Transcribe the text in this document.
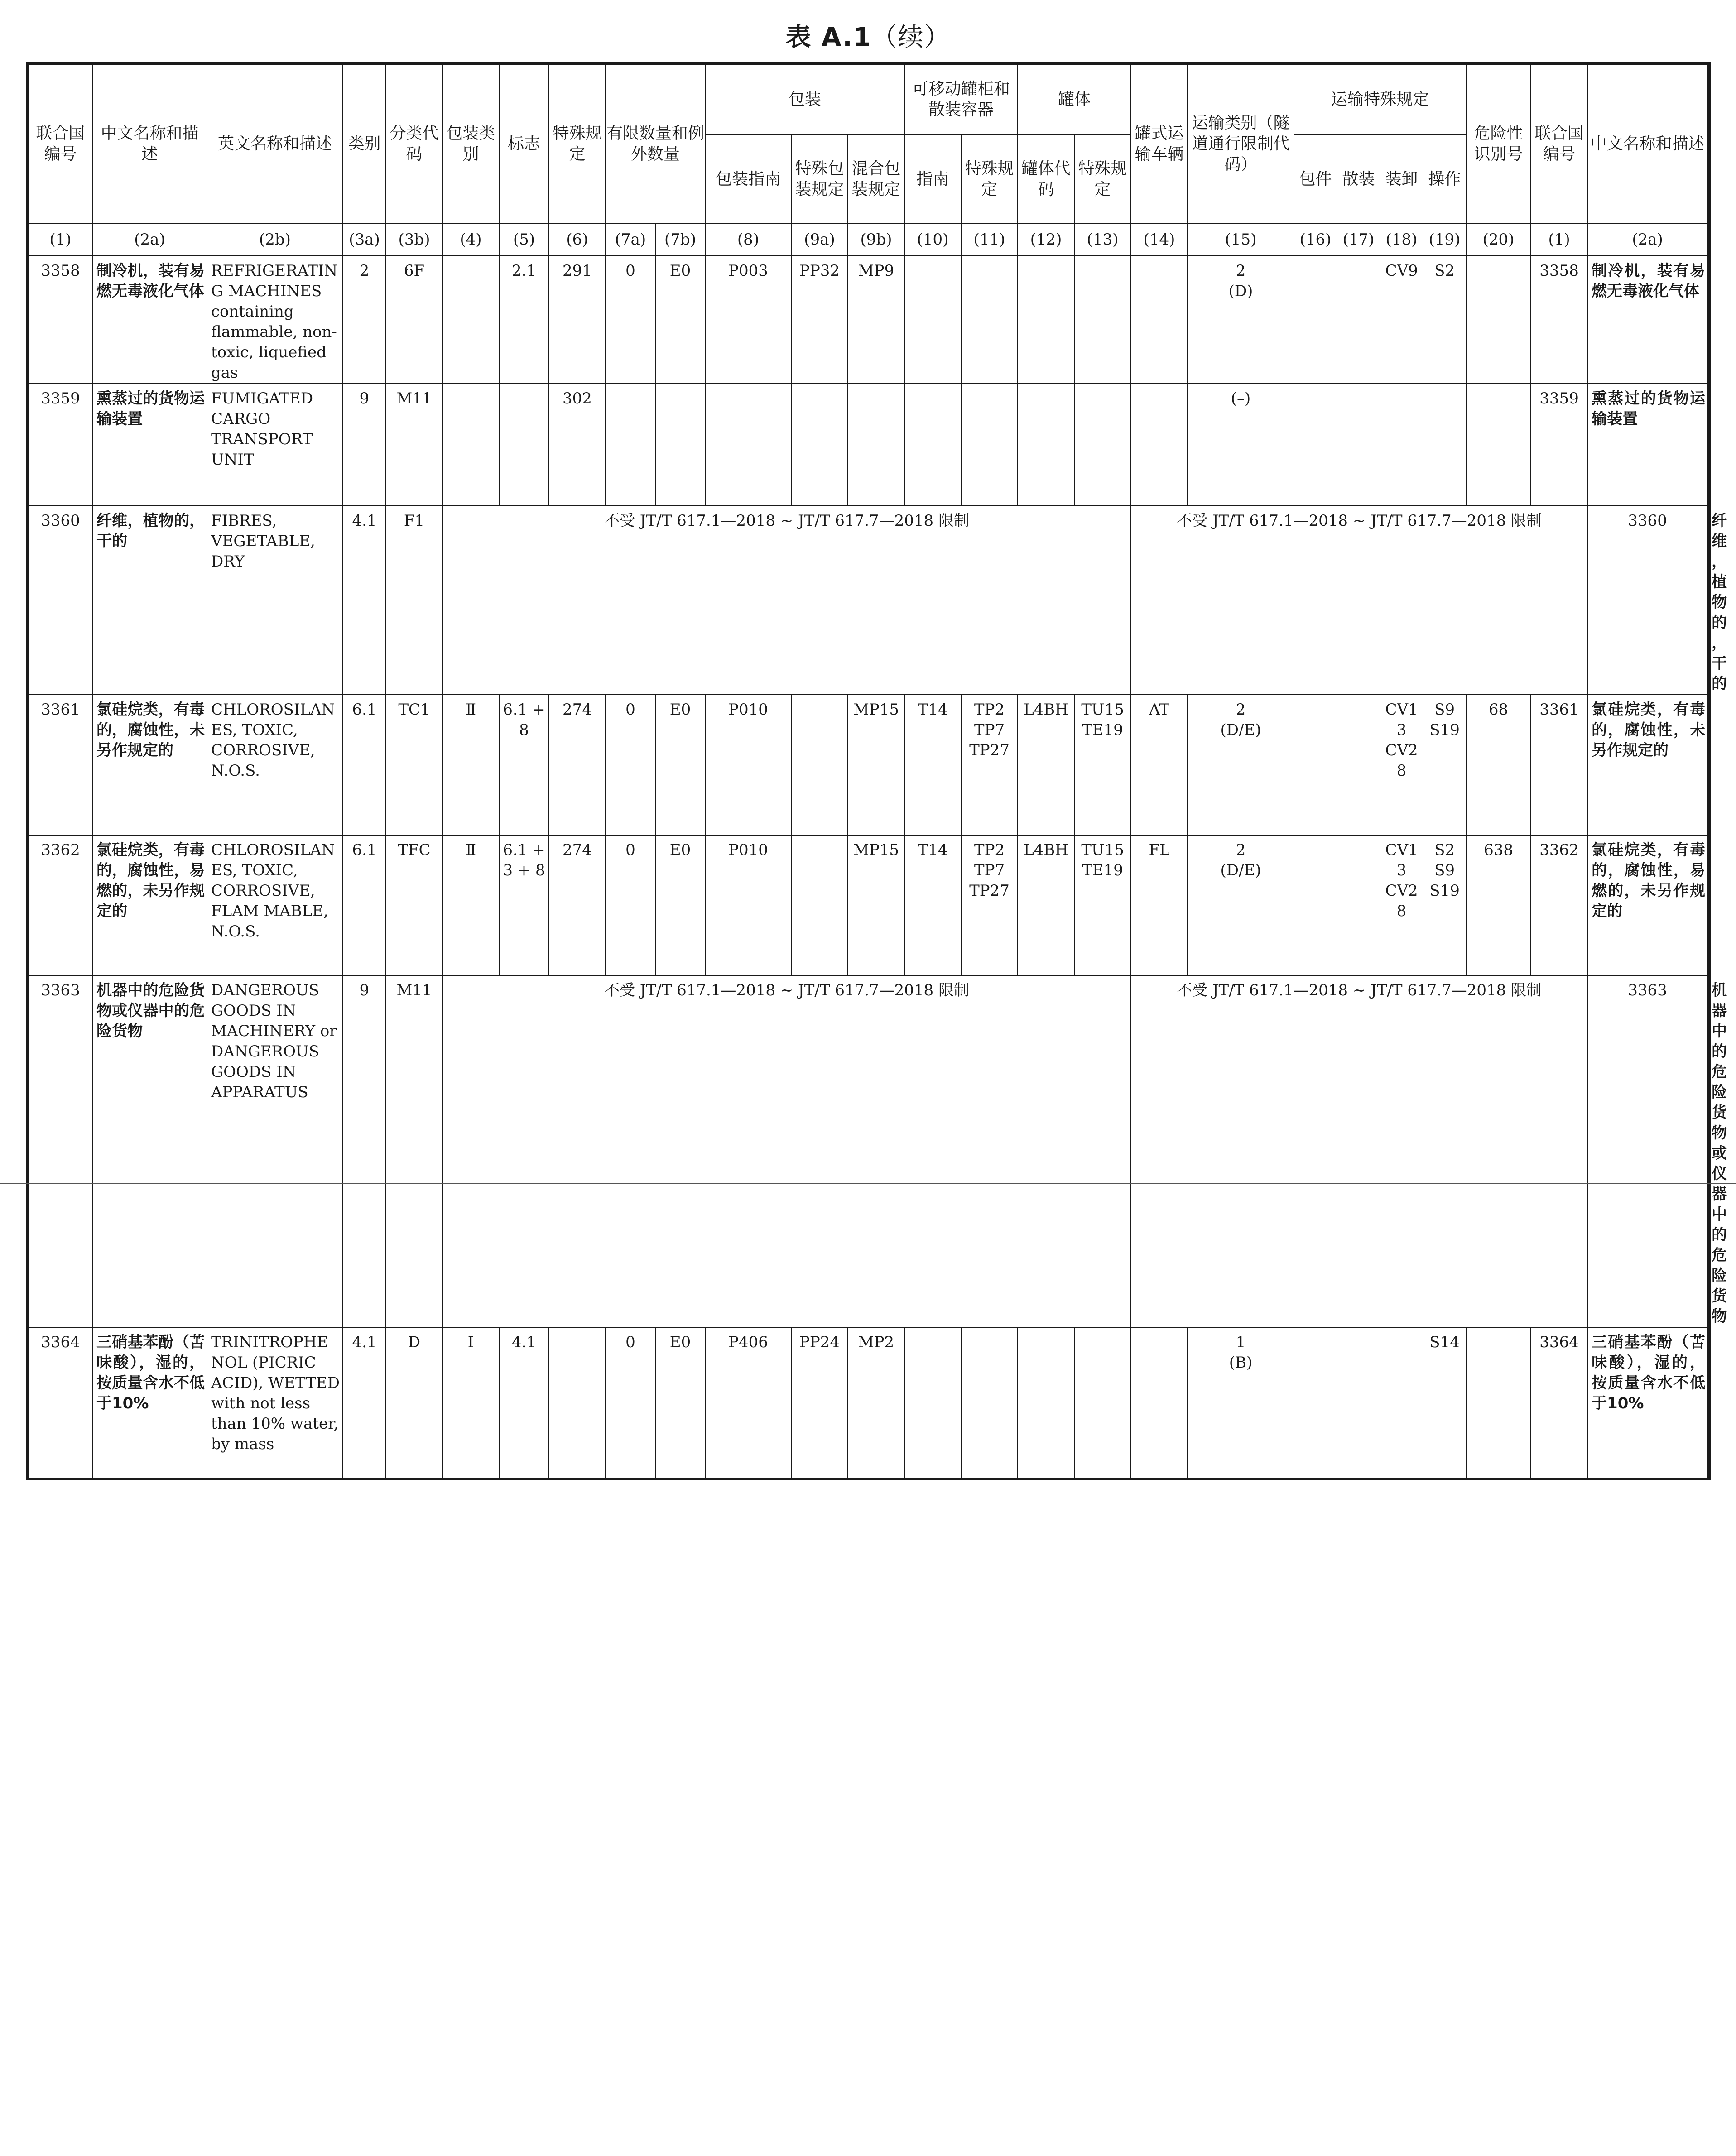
表 A.1（续）
联合国编号	中文名称和描述	英文名称和描述	类别	分类代码	包装类别	标志	特殊规定	有限数量和例外数量		包装			可移动罐柜和散装容器		罐体		罐式运输车辆	运输类别（隧道通行限制代码）	运输特殊规定				危险性识别号	联合国编号	中文名称和描述	
										包装指南	特殊包装规定	混合包装规定	指南	特殊规定	罐体代码	特殊规定			包件	散装	装卸	操作				
(1)	(2a)	(2b)	(3a)	(3b)	(4)	(5)	(6)	(7a)	(7b)	(8)	(9a)	(9b)	(10)	(11)	(12)	(13)	(14)	(15)	(16)	(17)	(18)	(19)	(20)	(1)	(2a)	
3358	制冷机，装有易燃无毒液化气体	REFRIGERATING MACHINES containing flammable, non-toxic, liquefied gas	2	6F		2.1	291	0	E0	P003	PP32	MP9						2
(D)			CV9	S2		3358	制冷机，装有易燃无毒液化气体	
3359	熏蒸过的货物运输装置	FUMIGATED CARGO TRANSPORT UNIT	9	M11			302											(–)						3359	熏蒸过的货物运输装置	
3360	纤维，植物的，干的	FIBRES, VEGETABLE, DRY	4.1	F1	不受 JT/T 617.1—2018 ~ JT/T 617.7—2018 限制												不受 JT/T 617.1—2018 ~ JT/T 617.7—2018 限制								3360	纤维，植物的，干的
3361	氯硅烷类，有毒的，腐蚀性，未另作规定的	CHLOROSILANES, TOXIC, CORROSIVE, N.O.S.	6.1	TC1	Ⅱ	6.1 + 8	274	0	E0	P010		MP15	T14	TP2
TP7
TP27	L4BH	TU15
TE19	AT	2
(D/E)			CV13
CV28	S9
S19	68	3361	氯硅烷类，有毒的，腐蚀性，未另作规定的	
3362	氯硅烷类，有毒的，腐蚀性，易燃的，未另作规定的	CHLOROSILANES, TOXIC, CORROSIVE, FLAM MABLE, N.O.S.	6.1	TFC	Ⅱ	6.1 + 3 + 8	274	0	E0	P010		MP15	T14	TP2
TP7
TP27	L4BH	TU15
TE19	FL	2
(D/E)			CV13
CV28	S2
S9
S19	638	3362	氯硅烷类，有毒的，腐蚀性，易燃的，未另作规定的	
3363	机器中的危险货物或仪器中的危险货物	DANGEROUS GOODS IN MACHINERY or DANGEROUS GOODS IN APPARATUS	9	M11	不受 JT/T 617.1—2018 ~ JT/T 617.7—2018 限制												不受 JT/T 617.1—2018 ~ JT/T 617.7—2018 限制								3363	机器中的危险货物或仪器中的危险货物
3364	三硝基苯酚（苦味酸），湿的，按质量含水不低于10%	TRINITROPHENOL (PICRIC ACID), WETTED with not less than 10% water, by mass	4.1	D	Ⅰ	4.1		0	E0	P406	PP24	MP2						1
(B)				S14		3364	三硝基苯酚（苦味酸），湿的，按质量含水不低于10%	
